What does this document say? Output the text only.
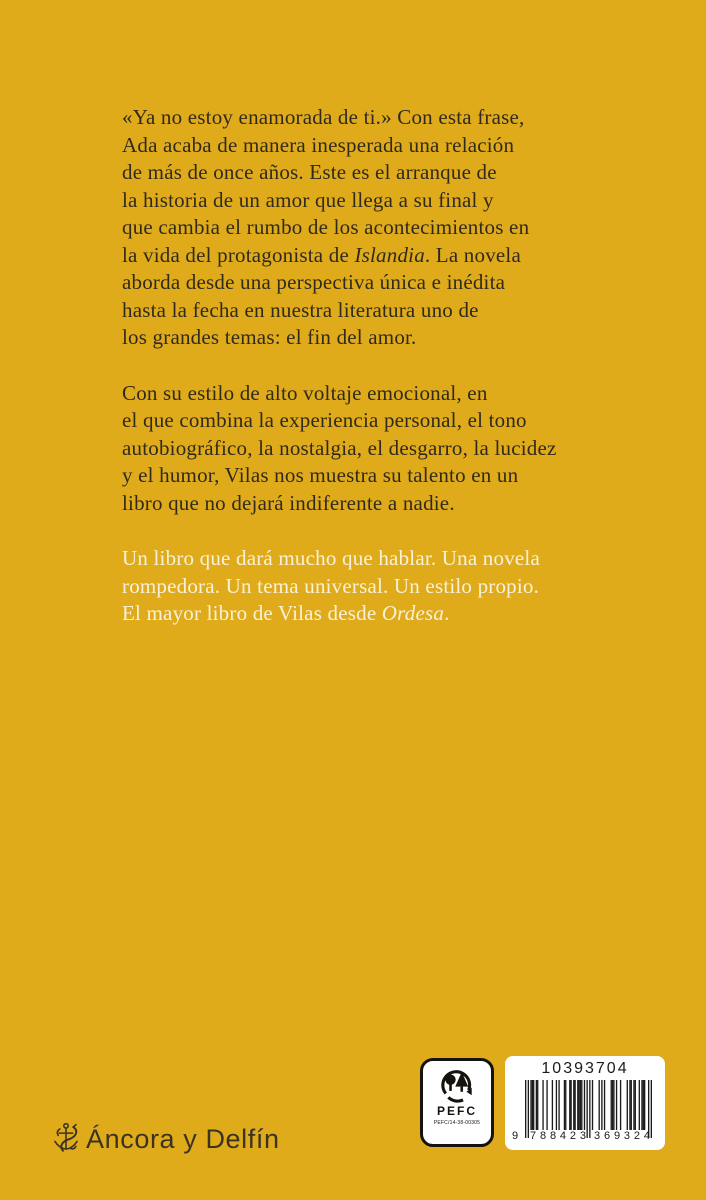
«Ya no estoy enamorada de ti.» Con esta frase,
Ada acaba de manera inesperada una relación
de más de once años. Este es el arranque de
la historia de un amor que llega a su final y
que cambia el rumbo de los acontecimientos en
la vida del protagonista de Islandia. La novela
aborda desde una perspectiva única e inédita
hasta la fecha en nuestra literatura uno de
los grandes temas: el fin del amor.
Con su estilo de alto voltaje emocional, en
el que combina la experiencia personal, el tono
autobiográfico, la nostalgia, el desgarro, la lucidez
y el humor, Vilas nos muestra su talento en un
libro que no dejará indiferente a nadie.
Un libro que dará mucho que hablar. Una novela
rompedora. Un tema universal. Un estilo propio.
El mayor libro de Vilas desde Ordesa.
Áncora y Delfín
PEFC
PEFC/14-38-00305
10393704
9 7 8 8 4 2 3 3 6 9 3 2 4
